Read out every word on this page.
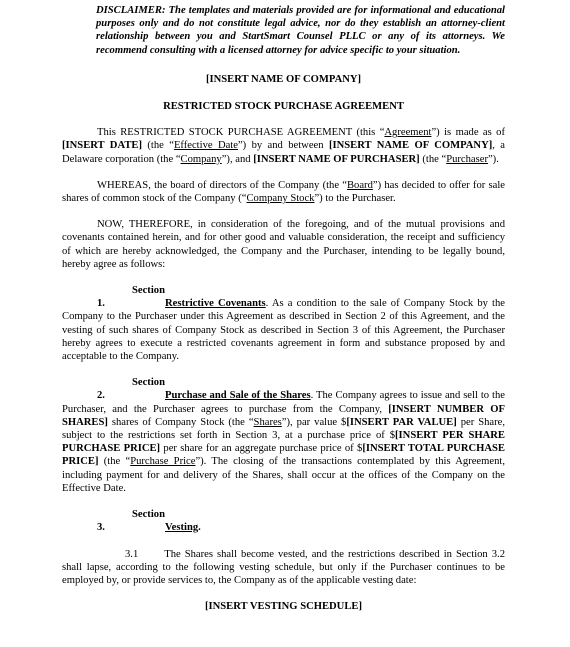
DISCLAIMER: The templates and materials provided are for informational and educational purposes only and do not constitute legal advice, nor do they establish an attorney-client relationship between you and StartSmart Counsel PLLC or any of its attorneys. We recommend consulting with a licensed attorney for advice specific to your situation.
[INSERT NAME OF COMPANY]
RESTRICTED STOCK PURCHASE AGREEMENT
This RESTRICTED STOCK PURCHASE AGREEMENT (this “Agreement”) is made as of [INSERT DATE] (the “Effective Date”) by and between [INSERT NAME OF COMPANY], a Delaware corporation (the “Company”), and [INSERT NAME OF PURCHASER] (the “Purchaser”).
WHEREAS, the board of directors of the Company (the “Board”) has decided to offer for sale shares of common stock of the Company (“Company Stock”) to the Purchaser.
NOW, THEREFORE, in consideration of the foregoing, and of the mutual provisions and covenants contained herein, and for other good and valuable consideration, the receipt and sufficiency of which are hereby acknowledged, the Company and the Purchaser, intending to be legally bound, hereby agree as follows:
Section 1.	Restrictive Covenants. As a condition to the sale of Company Stock by the Company to the Purchaser under this Agreement as described in Section 2 of this Agreement, and the vesting of such shares of Company Stock as described in Section 3 of this Agreement, the Purchaser hereby agrees to execute a restricted covenants agreement in form and substance proposed by and acceptable to the Company.
Section 2.	Purchase and Sale of the Shares. The Company agrees to issue and sell to the Purchaser, and the Purchaser agrees to purchase from the Company, [INSERT NUMBER OF SHARES] shares of Company Stock (the “Shares”), par value $[INSERT PAR VALUE] per Share, subject to the restrictions set forth in Section 3, at a purchase price of $[INSERT PER SHARE PURCHASE PRICE] per share for an aggregate purchase price of $[INSERT TOTAL PURCHASE PRICE] (the “Purchase Price”). The closing of the transactions contemplated by this Agreement, including payment for and delivery of the Shares, shall occur at the offices of the Company on the Effective Date.
Section 3.	Vesting.
3.1 The Shares shall become vested, and the restrictions described in Section 3.2 shall lapse, according to the following vesting schedule, but only if the Purchaser continues to be employed by, or provide services to, the Company as of the applicable vesting date:
[INSERT VESTING SCHEDULE]
